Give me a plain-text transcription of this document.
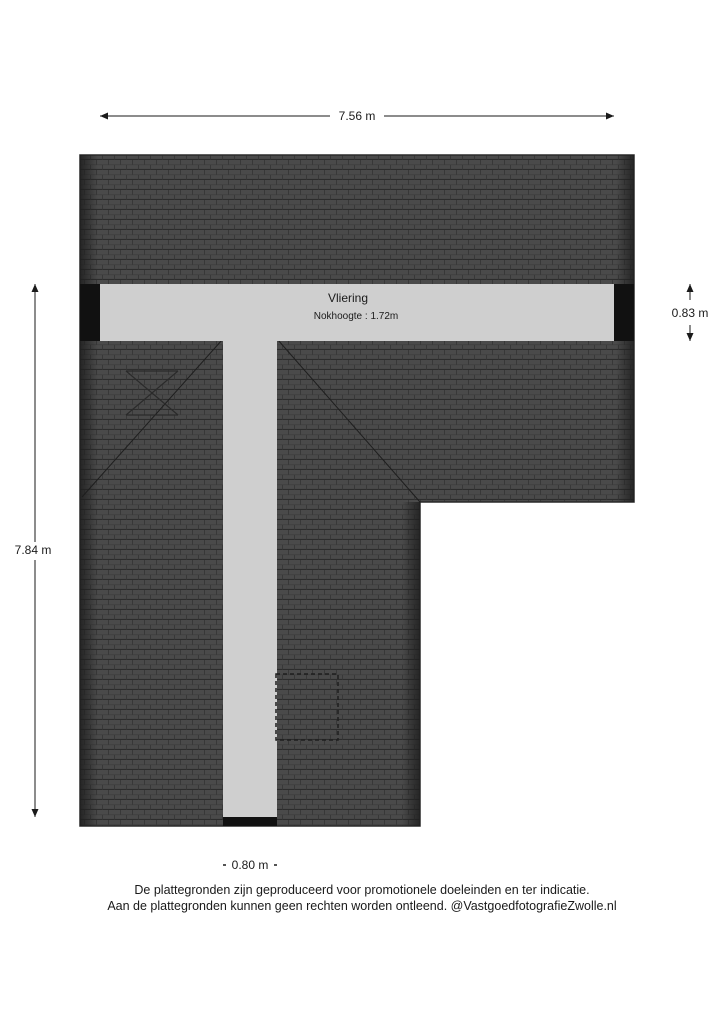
Vliering
Nokhoogte : 1.72m
7.56 m
7.84 m
0.83 m
0.80 m
De plattegronden zijn geproduceerd voor promotionele doeleinden en ter indicatie.
Aan de plattegronden kunnen geen rechten worden ontleend. @VastgoedfotografieZwolle.nl
